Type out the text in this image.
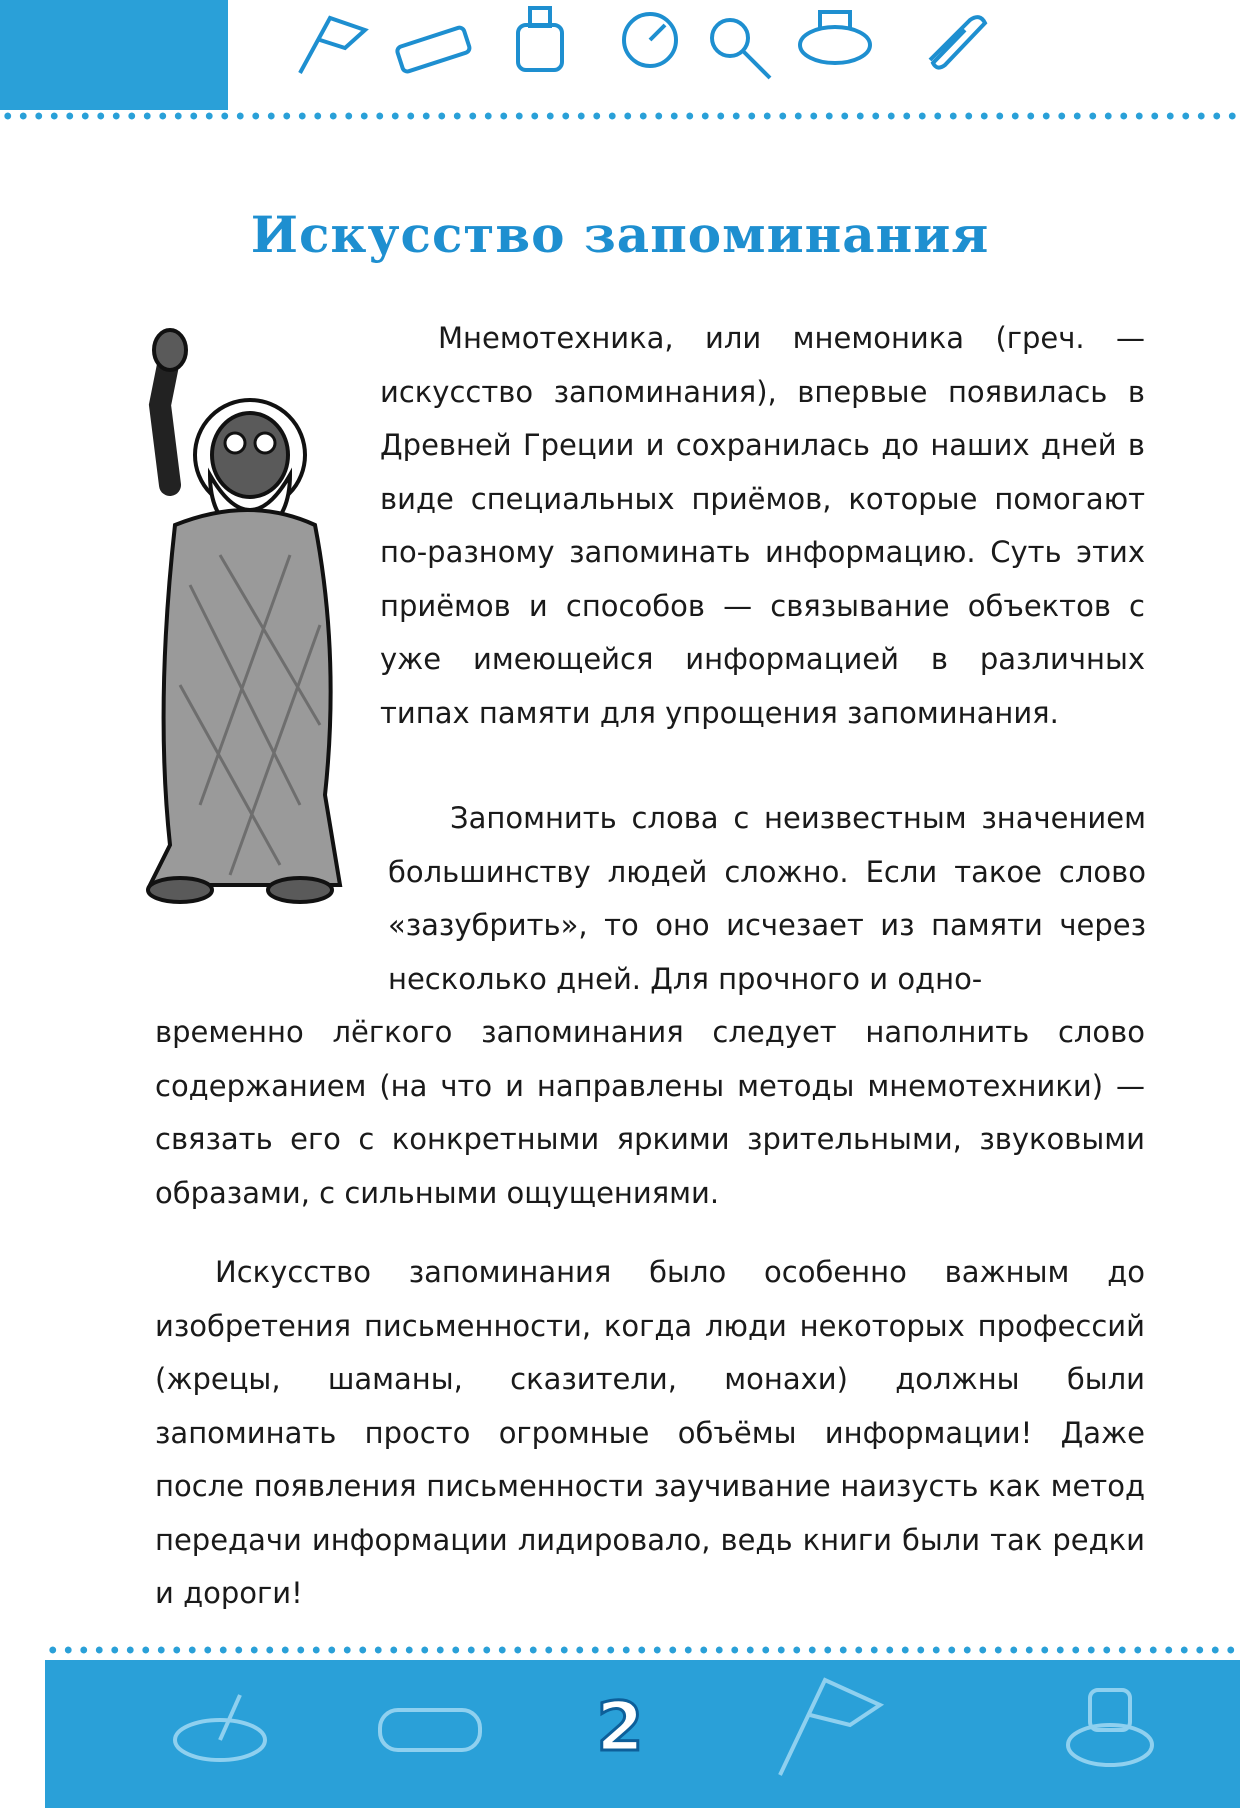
Искусство запоминания

Мнемотехника, или мнемоника (греч. — искусство запоминания), впервые появилась в Древней Греции и сохранилась до наших дней в виде специальных приёмов, которые помогают по-разному запоминать информацию. Суть этих приёмов и способов — связывание объектов с уже имеющейся информацией в различных типах памяти для упрощения запоминания.

Запомнить слова с неизвестным значением большинству людей сложно. Если такое слово «зазубрить», то оно исчезает из памяти через несколько дней. Для прочного и одно-

временно лёгкого запоминания следует наполнить слово содержанием (на что и направлены методы мнемотехники) — связать его с конкретными яркими зрительными, звуковыми образами, с сильными ощущениями.

Искусство запоминания было особенно важным до изобретения письменности, когда люди некоторых профессий (жрецы, шаманы, сказители, монахи) должны были запоминать просто огромные объёмы информации! Даже после появления письменности заучивание наизусть как метод передачи информации лидировало, ведь книги были так редки и дороги!

2
